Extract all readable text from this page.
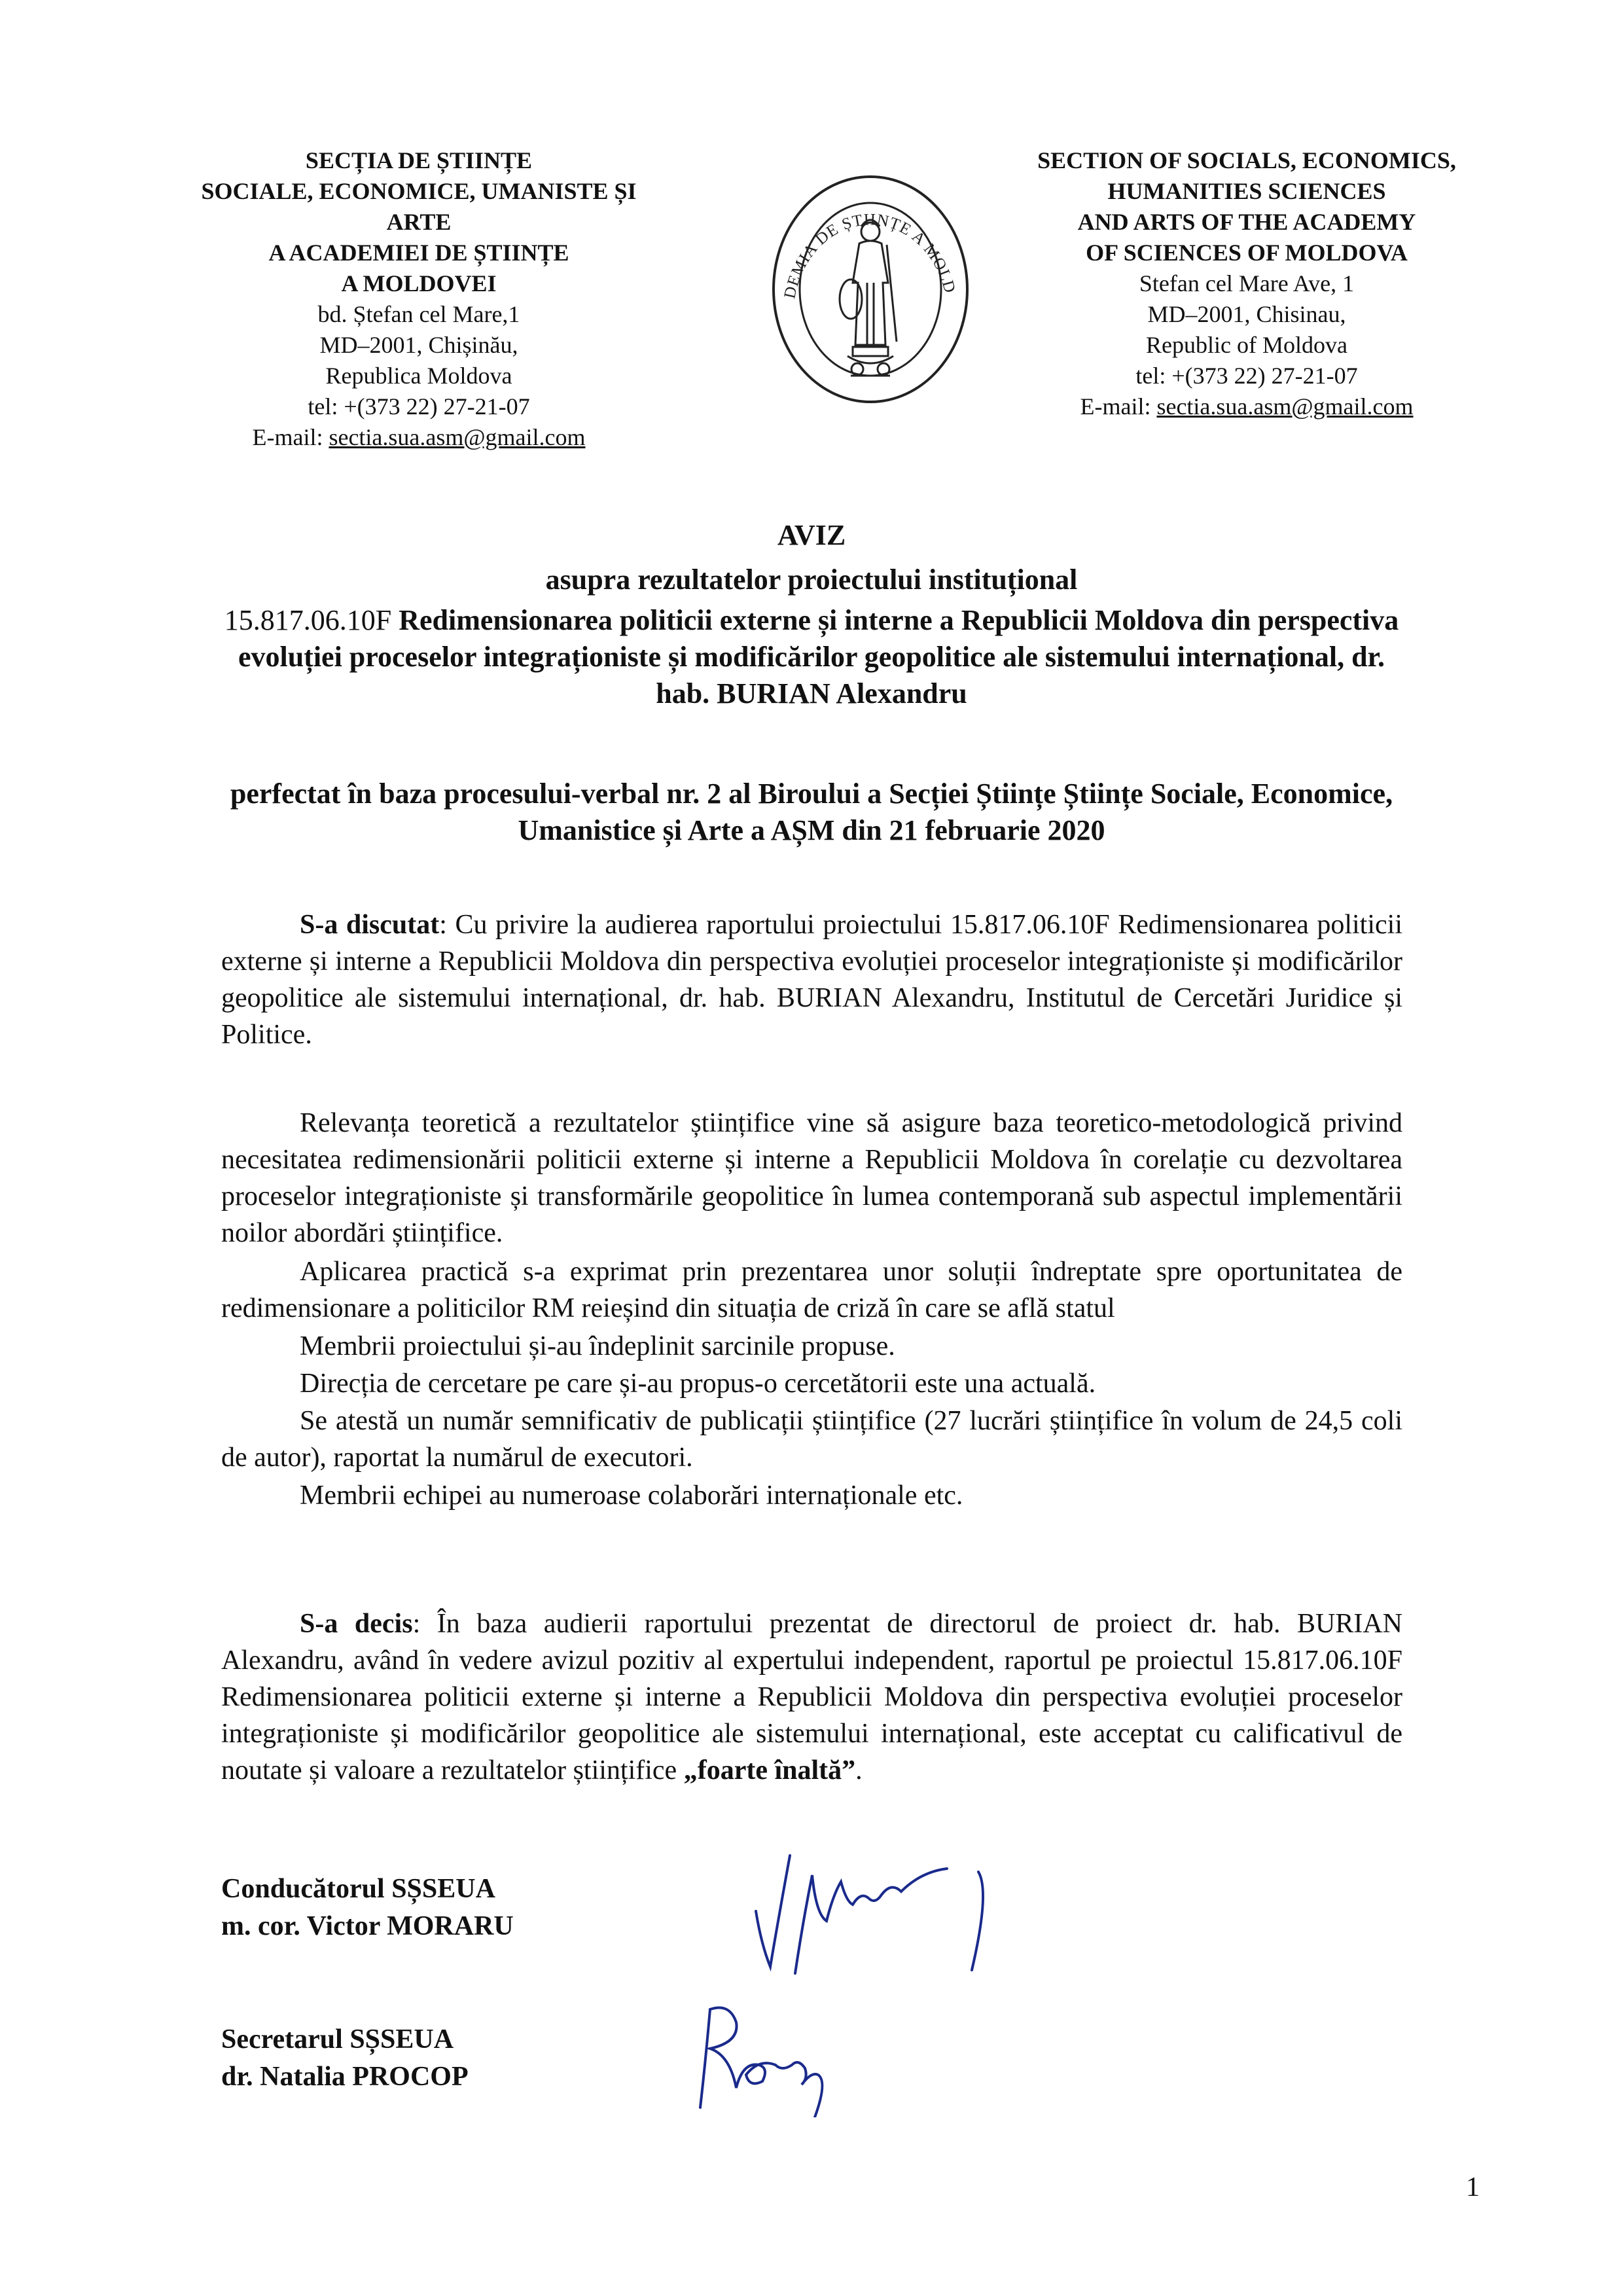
SECȚIA DE ȘTIINȚE
SOCIALE, ECONOMICE, UMANISTE ȘI
ARTE
A ACADEMIEI DE ȘTIINȚE
A MOLDOVEI
bd. Ștefan cel Mare,1
MD–2001, Chișinău,
Republica Moldova
tel: +(373 22) 27-21-07
E-mail: sectia.sua.asm@gmail.com
DEMIA DE ȘTIINȚE A MOLD
SECTION OF SOCIALS, ECONOMICS,
HUMANITIES SCIENCES
AND ARTS OF THE ACADEMY
OF SCIENCES OF MOLDOVA
Stefan cel Mare Ave, 1
MD–2001, Chisinau,
Republic of Moldova
tel: +(373 22) 27-21-07
E-mail: sectia.sua.asm@gmail.com
AVIZ
asupra rezultatelor proiectului instituțional
15.817.06.10F Redimensionarea politicii externe și interne a Republicii Moldova din perspectiva evoluției proceselor integraționiste și modificărilor geopolitice ale sistemului internațional, dr. hab. BURIAN Alexandru
perfectat în baza procesului-verbal nr. 2 al Biroului a Secției Științe Științe Sociale, Economice, Umanistice și Arte a AȘM din 21 februarie 2020
S-a discutat: Cu privire la audierea raportului proiectului 15.817.06.10F Redimensionarea politicii externe și interne a Republicii Moldova din perspectiva evoluției proceselor integraționiste și modificărilor geopolitice ale sistemului internațional, dr. hab. BURIAN Alexandru, Institutul de Cercetări Juridice și Politice.
Relevanța teoretică a rezultatelor științifice vine să asigure baza teoretico-metodologică privind necesitatea redimensionării politicii externe și interne a Republicii Moldova în corelație cu dezvoltarea proceselor integraționiste și transformările geopolitice în lumea contemporană sub aspectul implementării noilor abordări științifice.
Aplicarea practică s-a exprimat prin prezentarea unor soluții îndreptate spre oportunitatea de redimensionare a politicilor RM reieșind din situația de criză în care se află statul
Membrii proiectului și-au îndeplinit sarcinile propuse.
Direcția de cercetare pe care și-au propus-o cercetătorii este una actuală.
Se atestă un număr semnificativ de publicații științifice (27 lucrări științifice în volum de 24,5 coli de autor), raportat la numărul de executori.
Membrii echipei au numeroase colaborări internaționale etc.
S-a decis: În baza audierii raportului prezentat de directorul de proiect dr. hab. BURIAN Alexandru, având în vedere avizul pozitiv al expertului independent, raportul pe proiectul 15.817.06.10F Redimensionarea politicii externe și interne a Republicii Moldova din perspectiva evoluției proceselor integraționiste și modificărilor geopolitice ale sistemului internațional, este acceptat cu calificativul de noutate și valoare a rezultatelor științifice „foarte înaltă”.
Conducătorul SȘSEUA
m. cor. Victor MORARU
Secretarul SȘSEUA
dr. Natalia PROCOP
1
